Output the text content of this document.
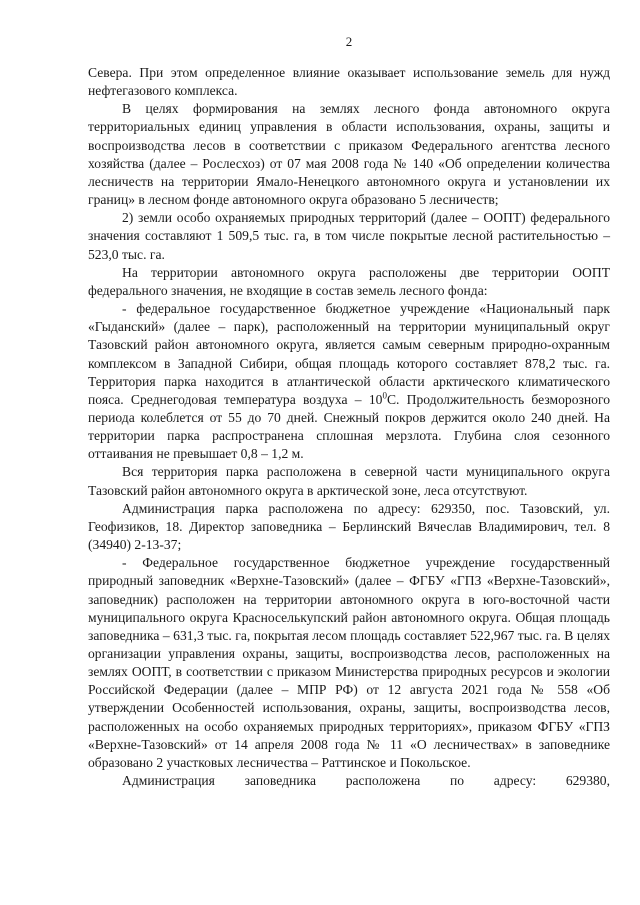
2

Севера. При этом определенное влияние оказывает использование земель для нужд нефтегазового комплекса.

В целях формирования на землях лесного фонда автономного округа территориальных единиц управления в области использования, охраны, защиты и воспроизводства лесов в соответствии с приказом Федерального агентства лесного хозяйства (далее – Рослесхоз) от 07 мая 2008 года № 140 «Об определении количества лесничеств на территории Ямало-Ненецкого автономного округа и установлении их границ» в лесном фонде автономного округа образовано 5 лесничеств;

2) земли особо охраняемых природных территорий (далее – ООПТ) федерального значения составляют 1 509,5 тыс. га, в том числе покрытые лесной растительностью – 523,0 тыс. га.

На территории автономного округа расположены две территории ООПТ федерального значения, не входящие в состав земель лесного фонда:

- федеральное государственное бюджетное учреждение «Национальный парк «Гыданский» (далее – парк), расположенный на территории муниципальный округ Тазовский район автономного округа, является самым северным природно-охранным комплексом в Западной Сибири, общая площадь которого составляет 878,2 тыс. га. Территория парка находится в атлантической области арктического климатического пояса. Среднегодовая температура воздуха – $10^0С$. Продолжительность безморозного периода колеблется от 55 до 70 дней. Снежный покров держится около 240 дней. На территории парка распространена сплошная мерзлота. Глубина слоя сезонного оттаивания не превышает 0,8 – 1,2 м.

Вся территория парка расположена в северной части муниципального округа Тазовский район автономного округа в арктической зоне, леса отсутствуют.

Администрация парка расположена по адресу: 629350, пос. Тазовский, ул. Геофизиков, 18. Директор заповедника – Берлинский Вячеслав Владимирович, тел. 8 (34940) 2-13-37;

- Федеральное государственное бюджетное учреждение государственный природный заповедник «Верхне-Тазовский» (далее – ФГБУ «ГПЗ «Верхне-Тазовский», заповедник) расположен на территории автономного округа в юго-восточной части муниципального округа Красноселькупский район автономного округа. Общая площадь заповедника – 631,3 тыс. га, покрытая лесом площадь составляет 522,967 тыс. га. В целях организации управления охраны, защиты, воспроизводства лесов, расположенных на землях ООПТ, в соответствии с приказом Министерства природных ресурсов и экологии Российской Федерации (далее – МПР РФ) от 12 августа 2021 года № 558 «Об утверждении Особенностей использования, охраны, защиты, воспроизводства лесов, расположенных на особо охраняемых природных территориях», приказом ФГБУ «ГПЗ «Верхне-Тазовский» от 14 апреля 2008 года № 11 «О лесничествах» в заповеднике образовано 2 участковых лесничества – Раттинское и Покольское.

Администрация заповедника расположена по адресу: 629380,
